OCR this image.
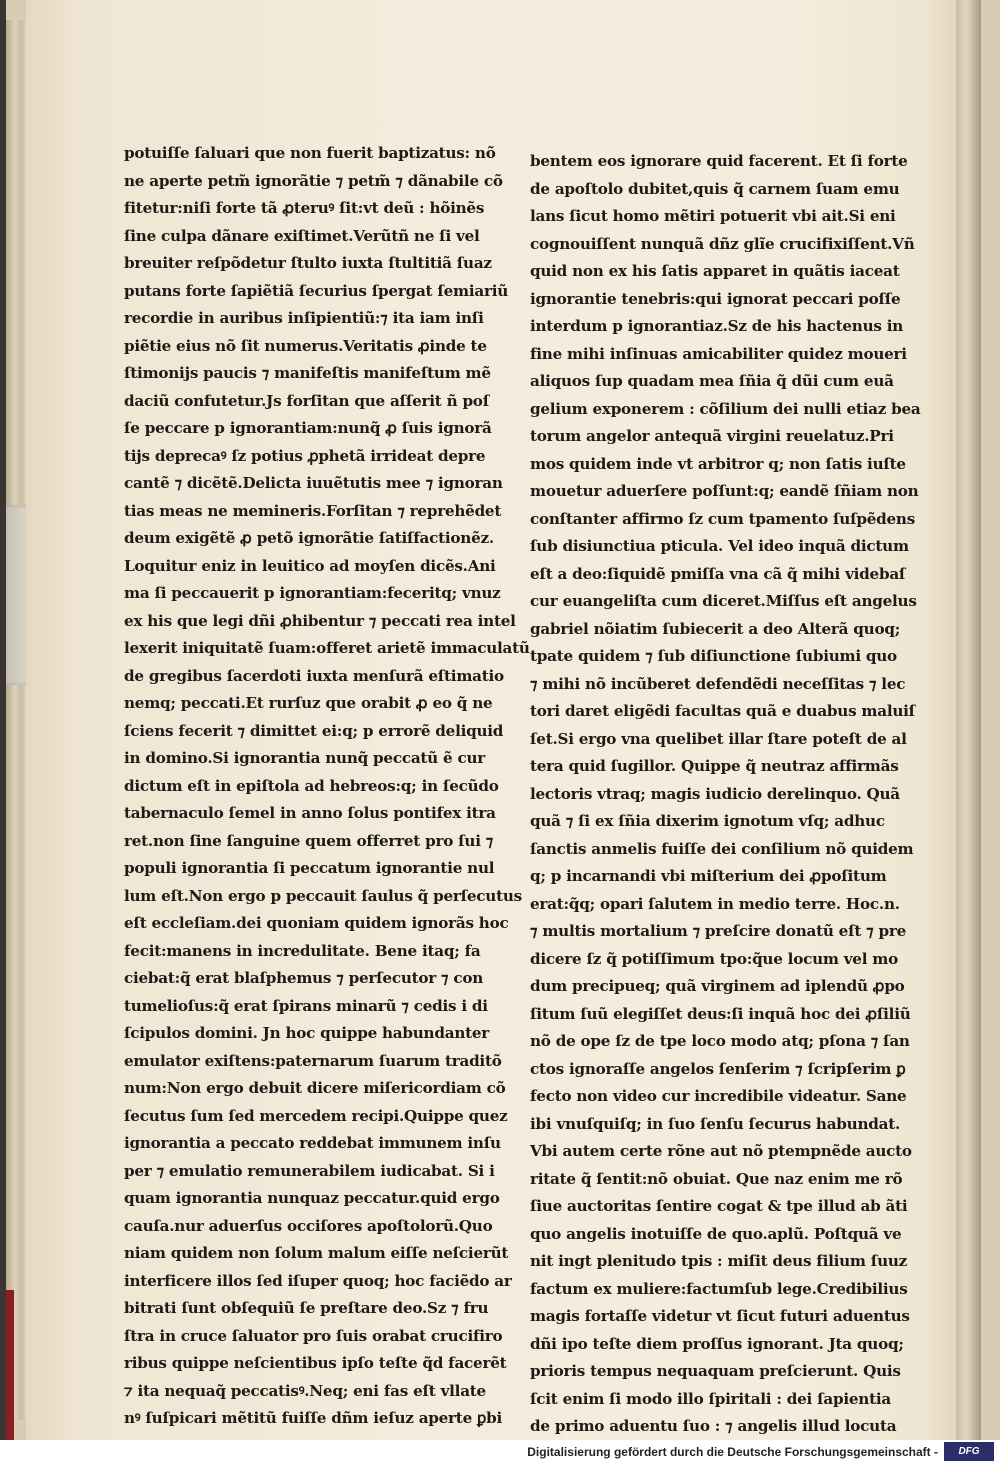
potuiſſe ſaluari que non fuerit baptizatus: nõ
ne aperte petm̃ ignorãtie ⁊ petm̃ ⁊ dãnabile cõ
fitetur:niſi forte tã ꝓteruꝰ ſit:vt deũ : hõinẽs
ſine culpa dãnare exiſtimet.Verũtñ ne ſi vel
breuiter reſpõdetur ſtulto iuxta ſtultitiã ſuaz
putans forte ſapiẽtiã ſecurius ſpergat ſemiariũ
recordie in auribus inſipientiũ:⁊ ita iam inſi
piẽtie eius nõ ſit numerus.Veritatis ꝓinde te
ſtimonijs paucis ⁊ manifeſtis manifeſtum mẽ
daciũ confutetur.Js forſitan que aſſerit ñ poſ
ſe peccare p ignorantiam:nunq̃ ꝓ ſuis ignorã
tijs deprecaꝰ ſz potius ꝓphetã irrideat depre
cantẽ ⁊ dicẽtẽ.Delicta iuuẽtutis mee ⁊ ignoran
tias meas ne memineris.Forſitan ⁊ reprehẽdet
deum exigẽtẽ ꝓ petõ ignorãtie ſatiſfactionẽz.
Loquitur eniz in leuitico ad moyſen dicẽs.Ani
ma ſi peccauerit p ignorantiam:feceritq; vnuz
ex his que legi dñi ꝓhibentur ⁊ peccati rea intel
lexerit iniquitatẽ ſuam:offeret arietẽ immaculatũ
de gregibus ſacerdoti iuxta menſurã eſtimatio
nemq; peccati.Et rurſuz que orabit ꝓ eo q̃ ne
ſciens fecerit ⁊ dimittet ei:q; p errorẽ deliquid
in domino.Si ignorantia nunq̃ peccatũ ẽ cur
dictum eſt in epiſtola ad hebreos:q; in ſecũdo
tabernaculo ſemel in anno ſolus pontifex itra
ret.non ſine ſanguine quem offerret pro ſui ⁊
populi ignorantia ſi peccatum ignorantie nul
lum eſt.Non ergo p peccauit ſaulus q̃ perſecutus
eſt eccleſiam.dei quoniam quidem ignorãs hoc
fecit:manens in incredulitate. Bene itaq; fa
ciebat:q̃ erat blaſphemus ⁊ perſecutor ⁊ con
tumelioſus:q̃ erat ſpirans minarũ ⁊ cedis i di
ſcipulos domini. Jn hoc quippe habundanter
emulator exiſtens:paternarum ſuarum traditõ
num:Non ergo debuit dicere miſericordiam cõ
ſecutus ſum ſed mercedem recipi.Quippe quez
ignorantia a peccato reddebat immunem inſu
per ⁊ emulatio remunerabilem iudicabat. Si i
quam ignorantia nunquaz peccatur.quid ergo
cauſa.nur aduerſus occiſores apoſtolorũ.Quo
niam quidem non ſolum malum eiſſe neſcierũt
interficere illos ſed iſuper quoq; hoc faciẽdo ar
bitrati ſunt obſequiũ ſe preſtare deo.Sz ⁊ fru
ſtra in cruce ſaluator pro ſuis orabat crucifiro
ribus quippe neſcientibus ipſo teſte q̃d facerẽt
⁊ ita nequaq̃ peccatisꝰ.Neq; eni fas eſt vllate
nꝰ ſuſpicari mẽtitũ fuiſſe dñm ieſuz aperte ꝑbi
bentem eos ignorare quid facerent. Et ſi forte
de apoſtolo dubitet,quis q̃ carnem ſuam emu
lans ſicut homo mẽtiri potuerit vbi ait.Si eni
cognouiſſent nunquã dñz glĩe crucifixiſſent.Vñ
quid non ex his ſatis apparet in quãtis iaceat
ignorantie tenebris:qui ignorat peccari poſſe
interdum p ignorantiaz.Sz de his hactenus in
fine mihi inſinuas amicabiliter quidez moueri
aliquos ſup quadam mea ſñia q̃ dũi cum euã
gelium exponerem : cõſilium dei nulli etiaz bea
torum angelor antequã virgini reuelatuz.Pri
mos quidem inde vt arbitror q; non ſatis iuſte
mouetur aduerſere poſſunt:q; eandẽ ſñiam non
conſtanter affirmo ſz cum tpamento ſuſpẽdens
ſub disiunctiua pticula. Vel ideo inquã dictum
eſt a deo:ſiquidẽ pmiſſa vna cã q̃ mihi videbaſ
cur euangeliſta cum diceret.Miſſus eſt angelus
gabriel nõiatim ſubiecerit a deo Alterã quoq;
tpate quidem ⁊ ſub diſiunctione ſubiumi quo
⁊ mihi nõ incũberet defendẽdi neceſſitas ⁊ lec
tori daret eligẽdi facultas quã e duabus maluiſ
ſet.Si ergo vna quelibet illar ſtare poteſt de al
tera quid ſugillor. Quippe q̃ neutraz affirmãs
lectoris vtraq; magis iudicio derelinquo. Quã
quã ⁊ ſi ex ſñia dixerim ignotum vſq; adhuc
ſanctis anmelis fuiſſe dei conſilium nõ quidem
q; p incarnandi vbi miſterium dei ꝓpoſitum
erat:q̃q; opari ſalutem in medio terre. Hoc.n.
⁊ multis mortalium ⁊ preſcire donatũ eſt ⁊ pre
dicere ſz q̃ potiſſimum tpo:q̃ue locum vel mo
dum precipueq; quã virginem ad iplendũ ꝓpo
ſitum ſuũ elegiſſet deus:ſi inquã hoc dei ꝓſiliũ
nõ de ope ſz de tpe loco modo atq; pſona ⁊ ſan
ctos ignoraſſe angelos ſenſerim ⁊ ſcripſerim ꝑ
fecto non video cur incredibile videatur. Sane
ibi vnuſquiſq; in ſuo ſenſu ſecurus habundat.
Vbi autem certe rõne aut nõ ptempnẽde aucto
ritate q̃ ſentit:nõ obuiat. Que naz enim me rõ
ſiue auctoritas ſentire cogat & tpe illud ab ãti
quo angelis inotuiſſe de quo.aplũ. Poſtquã ve
nit ingt plenitudo tpis : miſit deus filium ſuuz
factum ex muliere:factumſub lege.Credibilius
magis fortaſſe videtur vt ſicut futuri aduentus
dñi ipo teſte diem proſſus ignorant. Jta quoq;
prioris tempus nequaquam preſcierunt. Quis
ſcit enim ſi modo illo ſpiritali : dei ſapientia
de primo aduentu ſuo : ⁊ angelis illud locuta
Digitalisierung gefördert durch die Deutsche Forschungsgemeinschaft -	DFG
